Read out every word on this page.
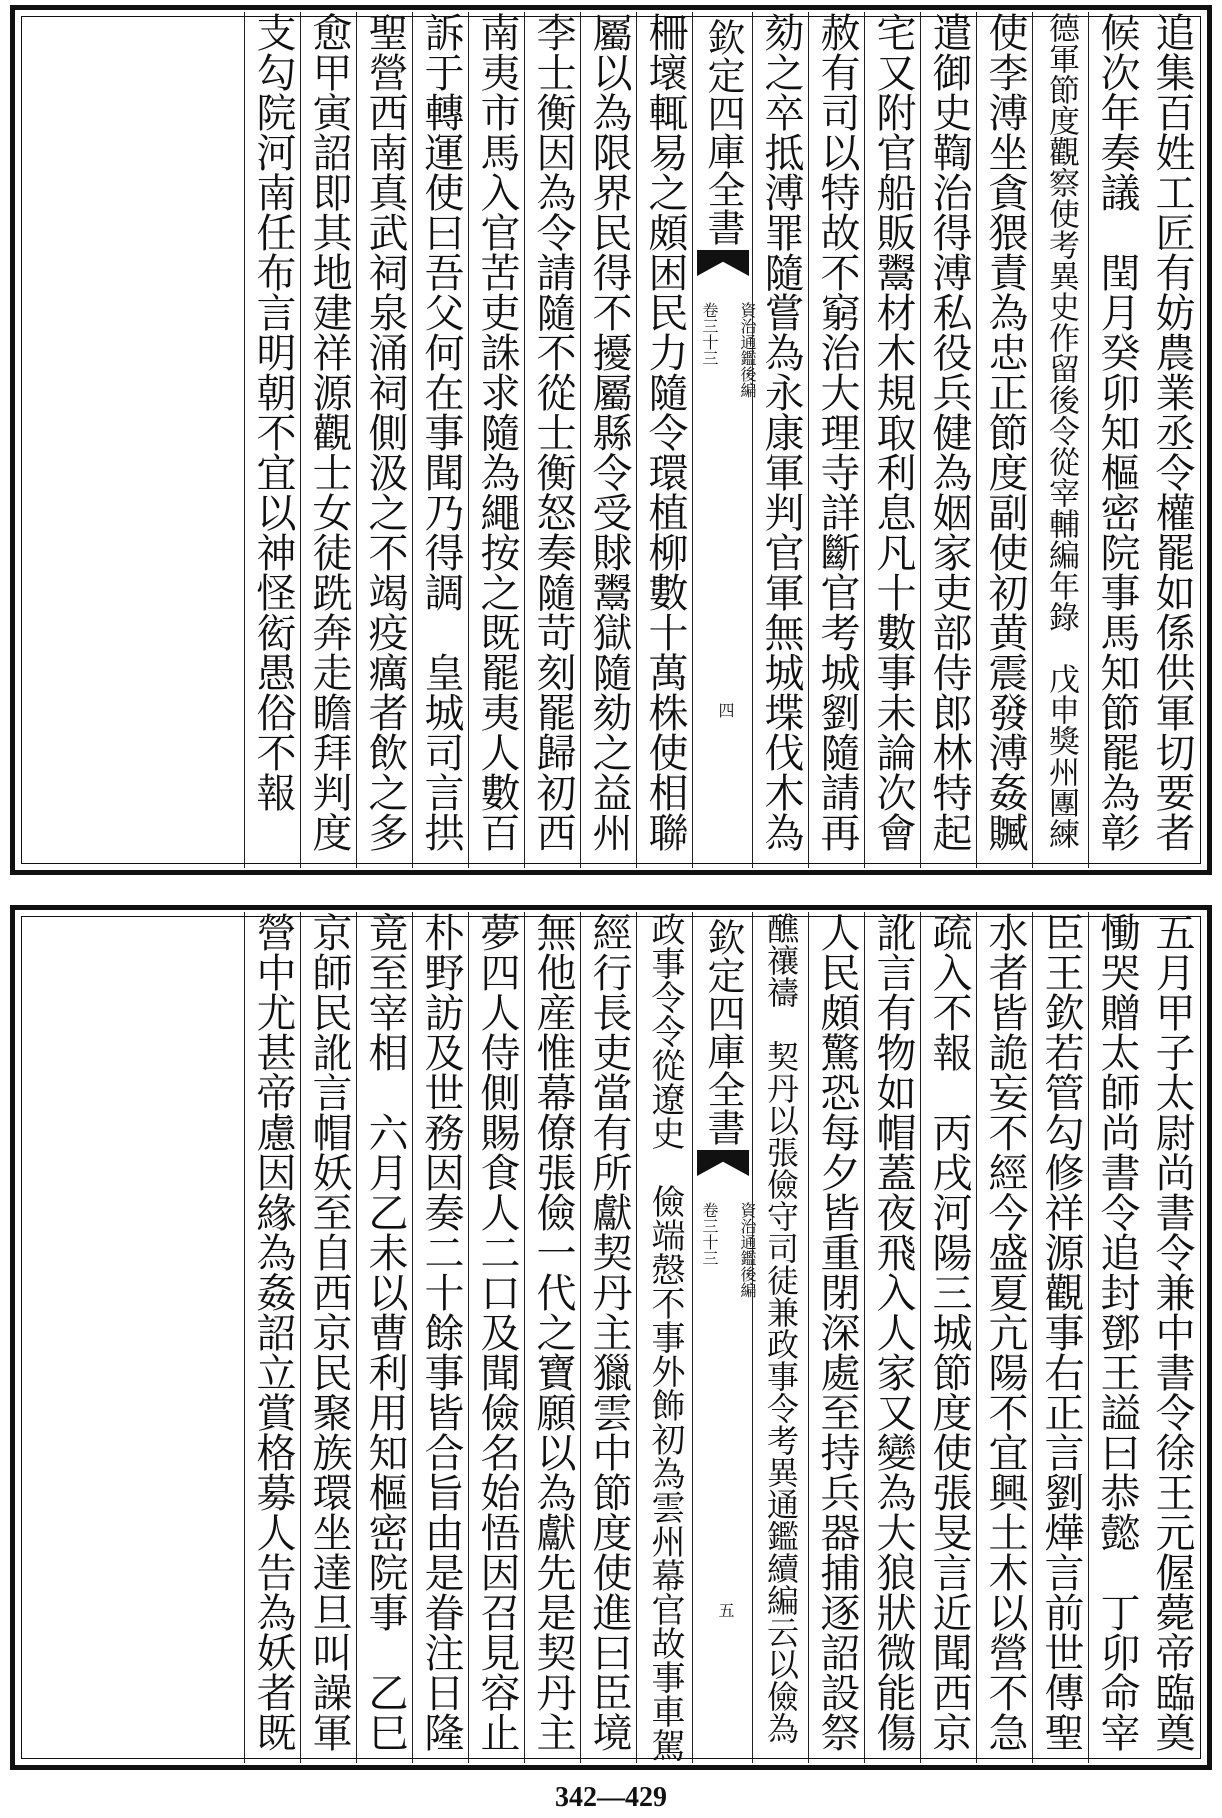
追集百姓工匠有妨農業丞令權罷如係供軍切要者
候次年奏議　閏月癸卯知樞密院事馬知節罷為彰
德軍節度觀察使考異史作留後令從宰輔編年錄　戊申獎州團練
使李溥坐貪猥責為忠正節度副使初黄震發溥姦贓
遣御史鞫治得溥私役兵健為姻家吏部侍郎林特起
宅又附官船販鬻材木規取利息凡十數事未論次會
赦有司以特故不窮治大理寺詳斷官考城劉隨請再
劾之卒抵溥罪隨嘗為永康軍判官軍無城堞伐木為
柵壞輒易之頗困民力隨令環植柳數十萬株使相聯
屬以為限界民得不擾屬縣令受賕鬻獄隨劾之益州
李士衡因為令請隨不從士衡怒奏隨苛刻罷歸初西
南夷市馬入官苦吏誅求隨為繩按之既罷夷人數百
訴于轉運使曰吾父何在事聞乃得調　皇城司言拱
聖營西南真武祠泉涌祠側汲之不竭疫癘者飲之多
愈甲寅詔即其地建祥源觀士女徒跣奔走瞻拜判度
支勾院河南任布言明朝不宜以神怪衒愚俗不報	欽定四庫全書
資治通鑑後編
卷三十三
四
五月甲子太尉尚書令兼中書令徐王元偓薨帝臨奠
慟哭贈太師尚書令追封鄧王謚曰恭懿　丁卯命宰
臣王欽若管勾修祥源觀事右正言劉燁言前世傳聖
水者皆詭妄不經今盛夏亢陽不宜興土木以營不急
疏入不報　丙戌河陽三城節度使張旻言近聞西京
訛言有物如帽蓋夜飛入人家又變為大狼狀微能傷
人民頗驚恐每夕皆重閉深處至持兵器捕逐詔設祭
醮禳禱　契丹以張儉守司徒兼政事令考異通鑑續編云以儉為
政事令令從遼史　儉端慤不事外飾初為雲州幕官故事車駕
經行長吏當有所獻契丹主獵雲中節度使進曰臣境
無他産惟幕僚張儉一代之寶願以為獻先是契丹主
夢四人侍側賜食人二口及聞儉名始悟因召見容止
朴野訪及世務因奏二十餘事皆合旨由是眷注日隆
竟至宰相　六月乙未以曹利用知樞密院事　乙巳
京師民訛言帽妖至自西京民聚族環坐達旦叫譟軍
營中尤甚帝慮因緣為姦詔立賞格募人告為妖者既	欽定四庫全書
資治通鑑後編
卷三十三
五
342—429
